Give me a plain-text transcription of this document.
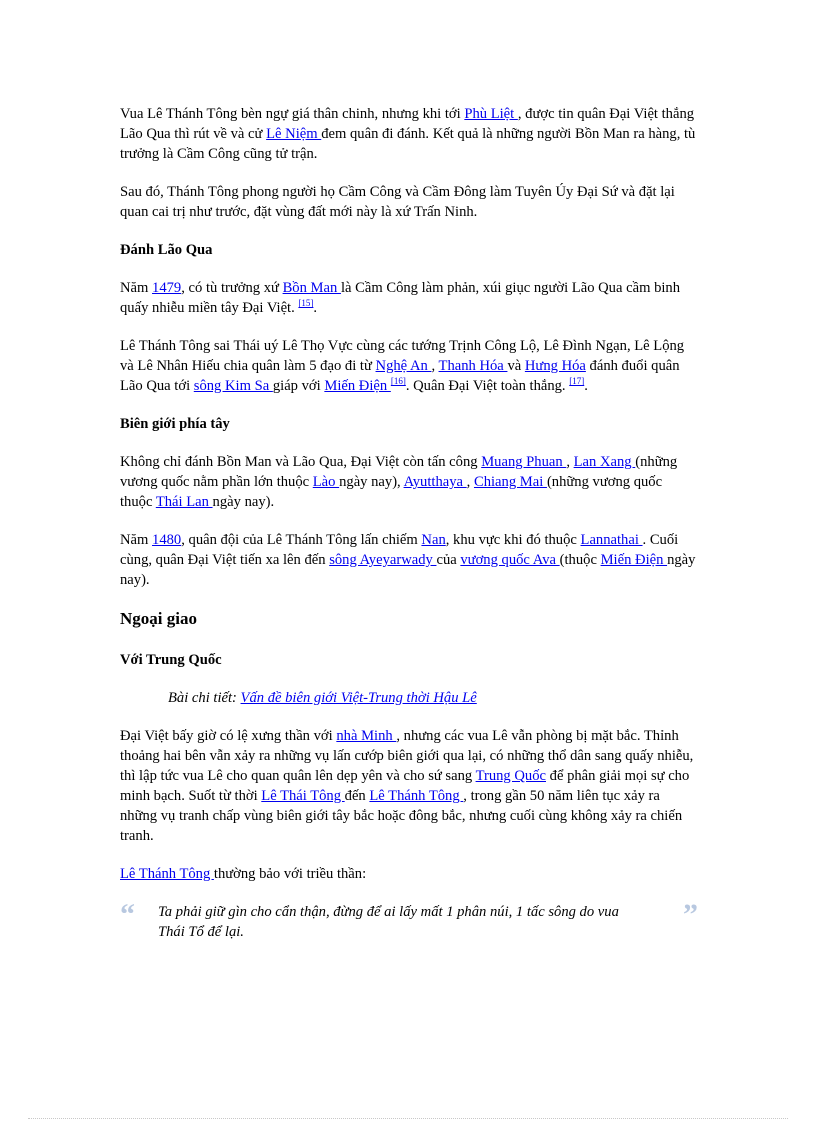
Vua Lê Thánh Tông bèn ngự giá thân chinh, nhưng khi tới Phù Liệt , được tin quân Đại Việt thắng Lão Qua thì rút về và cử Lê Niệm đem quân đi đánh. Kết quả là những người Bồn Man ra hàng, tù trưởng là Cầm Công cũng tử trận.

Sau đó, Thánh Tông phong người họ Cầm Công và Cầm Đông làm Tuyên Úy Đại Sứ và đặt lại quan cai trị như trước, đặt vùng đất mới này là xứ Trấn Ninh.

Đánh Lão Qua

Năm 1479, có tù trưởng xứ Bồn Man là Cầm Công làm phản, xúi giục người Lão Qua cầm binh quấy nhiễu miền tây Đại Việt. [15].

Lê Thánh Tông sai Thái uý Lê Thọ Vực cùng các tướng Trịnh Công Lộ, Lê Đình Ngạn, Lê Lộng và Lê Nhân Hiếu chia quân làm 5 đạo đi từ Nghệ An , Thanh Hóa và Hưng Hóa đánh đuổi quân Lão Qua tới sông Kim Sa giáp với Miến Điện [16]. Quân Đại Việt toàn thắng. [17].

Biên giới phía tây

Không chỉ đánh Bồn Man và Lão Qua, Đại Việt còn tấn công Muang Phuan , Lan Xang (những vương quốc nằm phần lớn thuộc Lào ngày nay), Ayutthaya , Chiang Mai (những vương quốc thuộc Thái Lan ngày nay).

Năm 1480, quân đội của Lê Thánh Tông lấn chiếm Nan, khu vực khi đó thuộc Lannathai . Cuối cùng, quân Đại Việt tiến xa lên đến sông Ayeyarwady của vương quốc Ava (thuộc Miến Điện ngày nay).

Ngoại giao
Với Trung Quốc

Bài chi tiết: Vấn đề biên giới Việt-Trung thời Hậu Lê

Đại Việt bấy giờ có lệ xưng thần với nhà Minh , nhưng các vua Lê vẫn phòng bị mặt bắc. Thỉnh thoảng hai bên vẫn xảy ra những vụ lấn cướp biên giới qua lại, có những thổ dân sang quấy nhiễu, thì lập tức vua Lê cho quan quân lên dẹp yên và cho sứ sang Trung Quốc để phân giải mọi sự cho minh bạch. Suốt từ thời Lê Thái Tông đến Lê Thánh Tông , trong gần 50 năm liên tục xảy ra những vụ tranh chấp vùng biên giới tây bắc hoặc đông bắc, nhưng cuối cùng không xảy ra chiến tranh.

Lê Thánh Tông thường bảo với triều thần:

“ Ta phải giữ gìn cho cẩn thận, đừng để ai lấy mất 1 phân núi, 1 tấc sông do vua Thái Tổ để lại.
”
